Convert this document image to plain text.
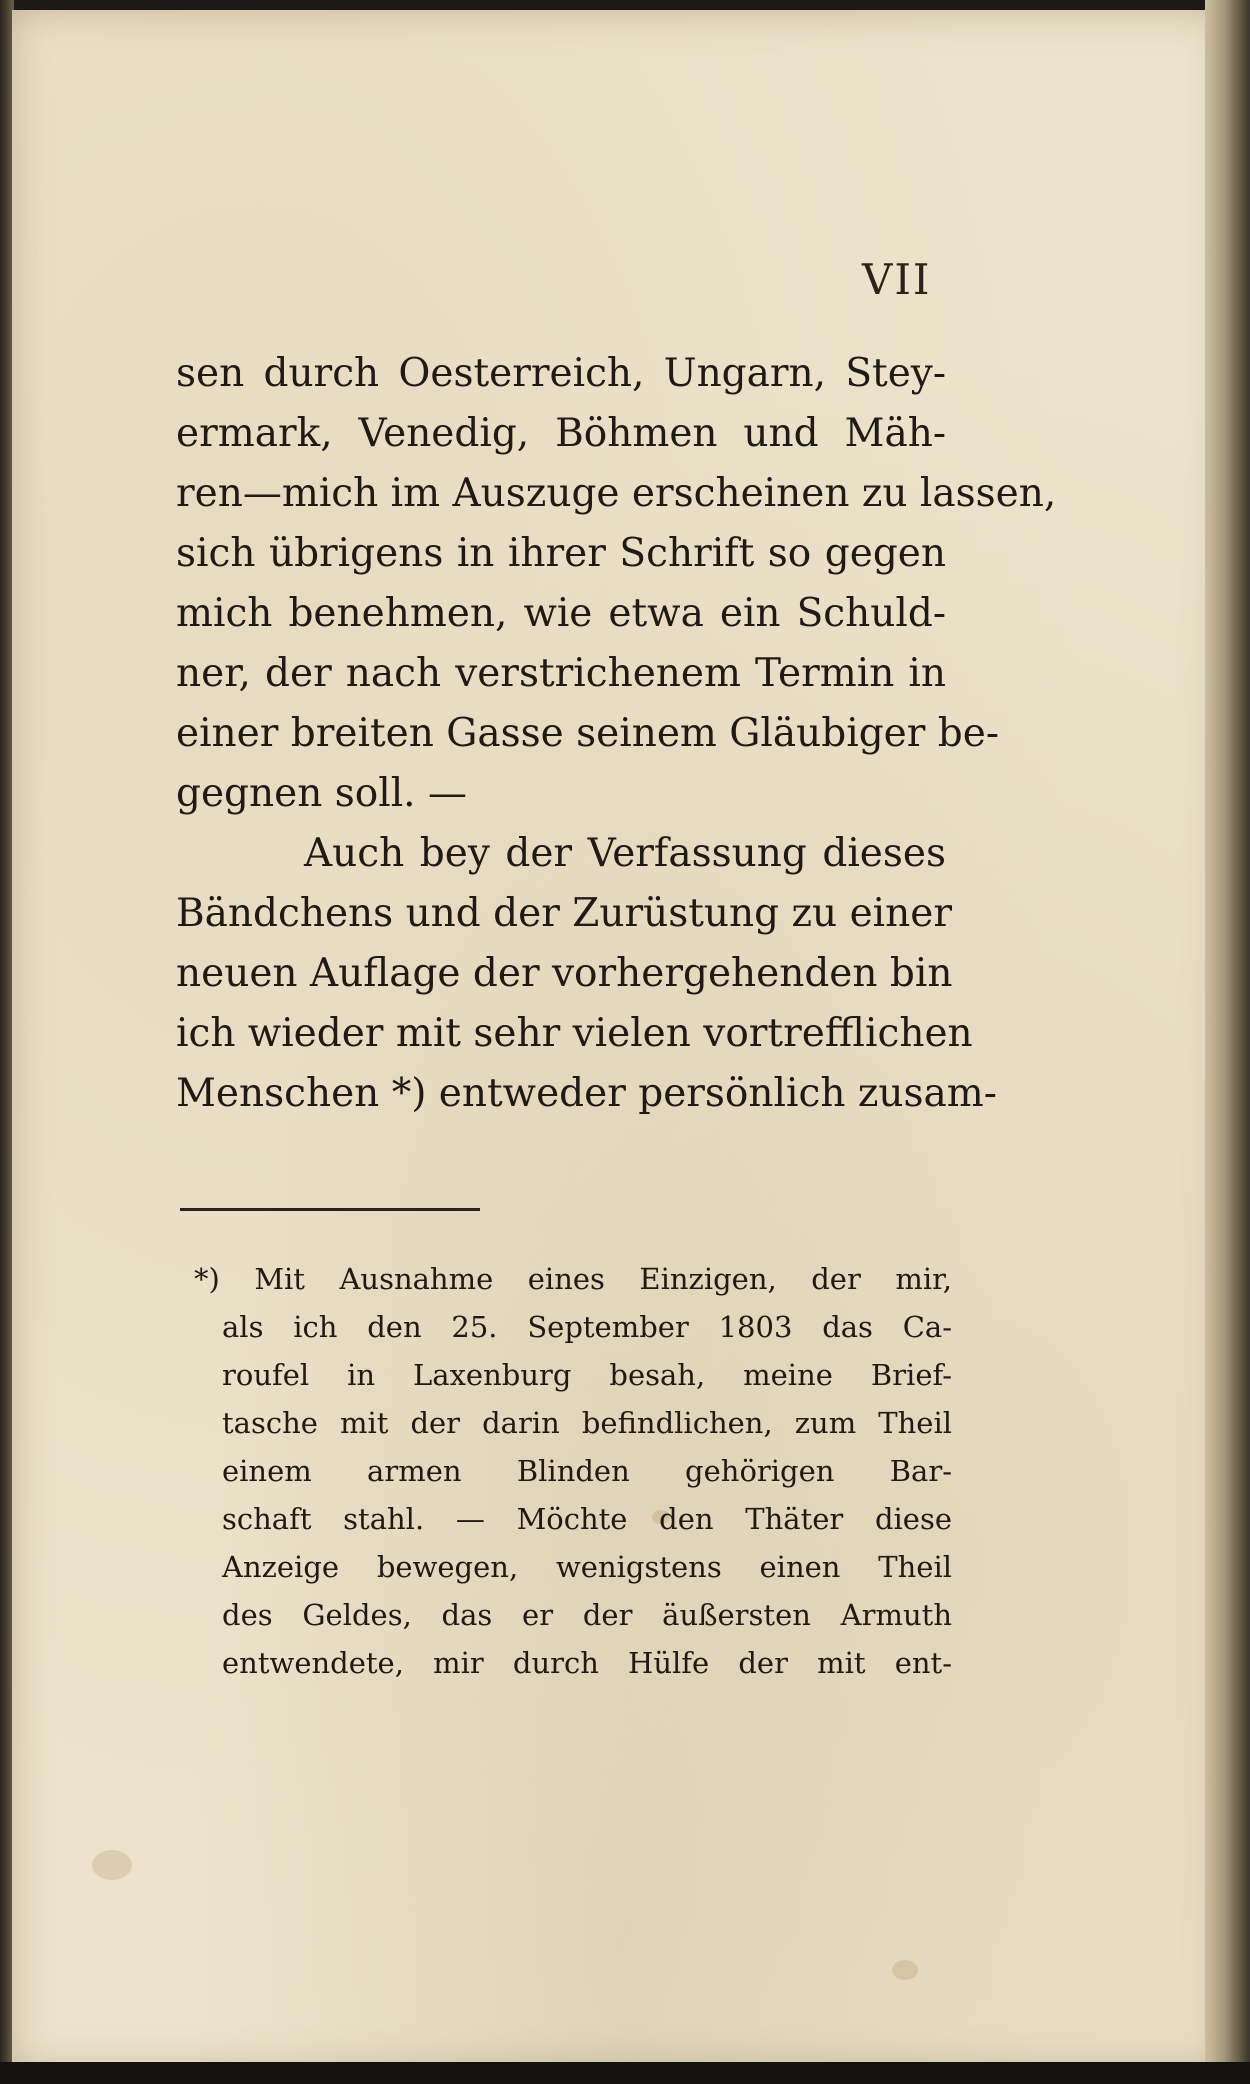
VII
sen durch Oesterreich, Ungarn, Stey-
ermark, Venedig, Böhmen und Mäh-
ren—mich im Auszuge erscheinen zu lassen,
sich übrigens in ihrer Schrift so gegen
mich benehmen, wie etwa ein Schuld-
ner, der nach verstrichenem Termin in
einer breiten Gasse seinem Gläubiger be-
gegnen soll. —
Auch bey der Verfassung dieses
Bändchens und der Zurüstung zu einer
neuen Auflage der vorhergehenden bin
ich wieder mit sehr vielen vortrefflichen
Menschen *) entweder persönlich zusam-
*) Mit Ausnahme eines Einzigen, der mir,
als ich den 25. September 1803 das Ca-
roufel in Laxenburg besah, meine Brief-
tasche mit der darin befindlichen, zum Theil
einem armen Blinden gehörigen Bar-
schaft stahl. — Möchte den Thäter diese
Anzeige bewegen, wenigstens einen Theil
des Geldes, das er der äußersten Armuth
entwendete, mir durch Hülfe der mit ent-
